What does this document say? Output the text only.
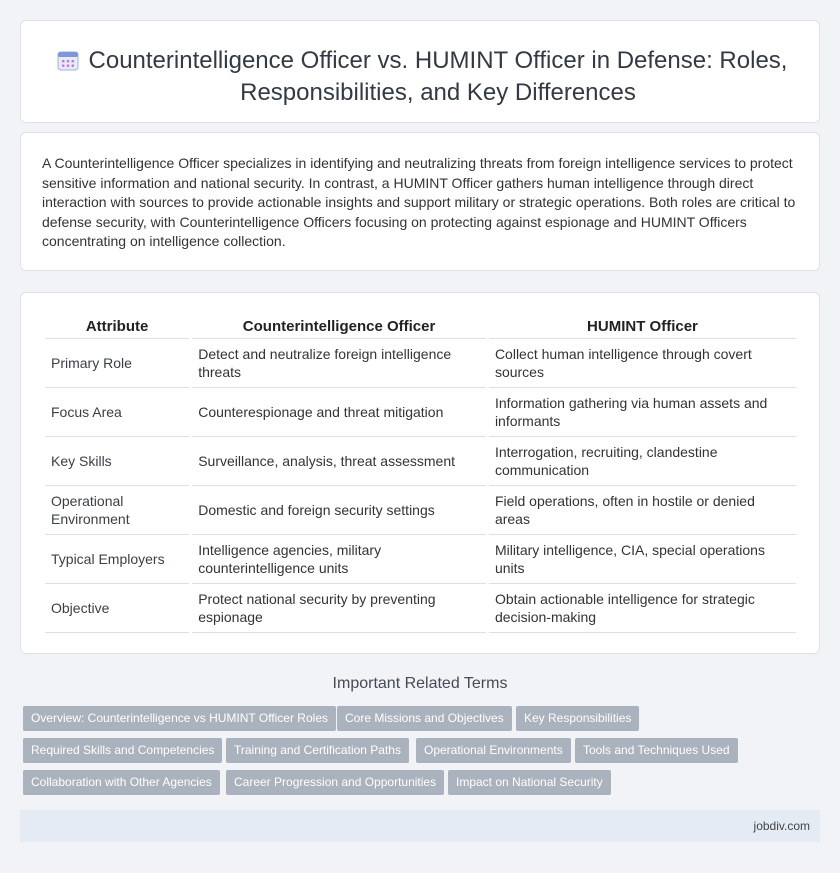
Counterintelligence Officer vs. HUMINT Officer in Defense: Roles, Responsibilities, and Key Differences

A Counterintelligence Officer specializes in identifying and neutralizing threats from foreign intelligence services to protect sensitive information and national security. In contrast, a HUMINT Officer gathers human intelligence through direct interaction with sources to provide actionable insights and support military or strategic operations. Both roles are critical to defense security, with Counterintelligence Officers focusing on protecting against espionage and HUMINT Officers concentrating on intelligence collection.

Attribute	Counterintelligence Officer	HUMINT Officer
Primary Role	Detect and neutralize foreign intelligence threats	Collect human intelligence through covert sources
Focus Area	Counterespionage and threat mitigation	Information gathering via human assets and informants
Key Skills	Surveillance, analysis, threat assessment	Interrogation, recruiting, clandestine communication
Operational Environment	Domestic and foreign security settings	Field operations, often in hostile or denied areas
Typical Employers	Intelligence agencies, military counterintelligence units	Military intelligence, CIA, special operations units
Objective	Protect national security by preventing espionage	Obtain actionable intelligence for strategic decision-making
Important Related Terms
Overview: Counterintelligence vs HUMINT Officer Roles	Core Missions and Objectives	Key Responsibilities
Required Skills and Competencies	Training and Certification Paths	Operational Environments	Tools and Techniques Used
Collaboration with Other Agencies	Career Progression and Opportunities	Impact on National Security
jobdiv.com
